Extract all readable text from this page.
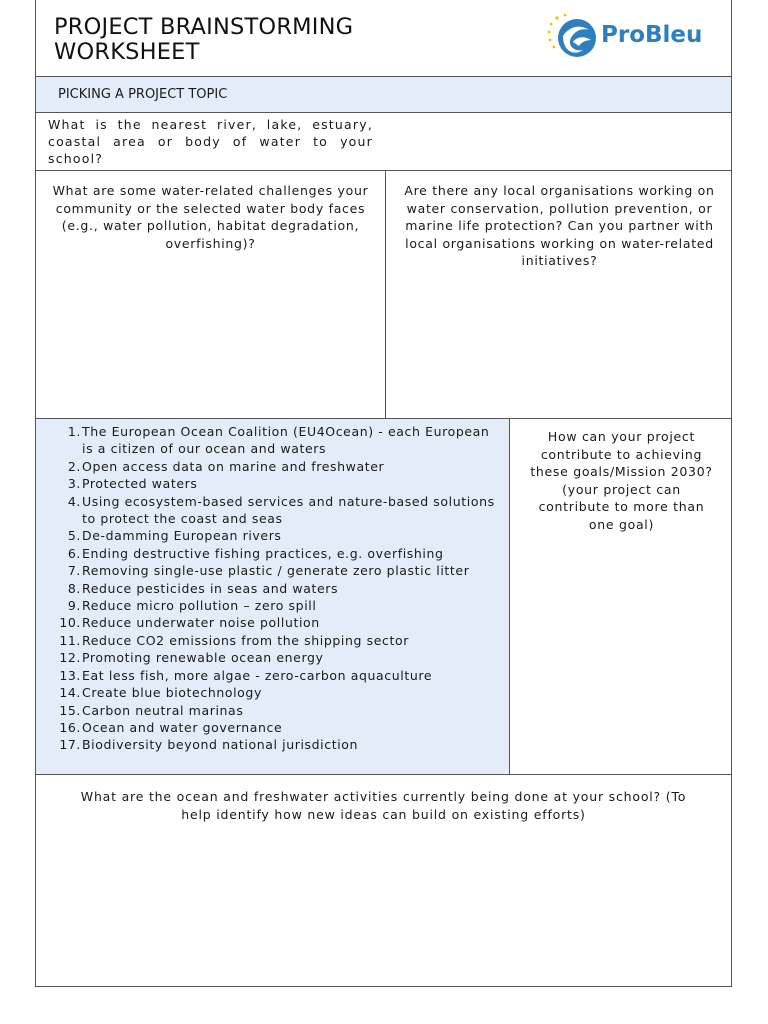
PROJECT BRAINSTORMING
WORKSHEET
ProBleu
PICKING A PROJECT TOPIC
What is the nearest river, lake, estuary, coastal area or body of water to your school?
What are some water-related challenges your community or the selected water body faces (e.g., water pollution, habitat degradation, overfishing)?
Are there any local organisations working on water conservation, pollution prevention, or marine life protection? Can you partner with local organisations working on water-related initiatives?
1. The European Ocean Coalition (EU4Ocean) - each European is a citizen of our ocean and waters
2. Open access data on marine and freshwater
3. Protected waters
4. Using ecosystem-based services and nature-based solutions to protect the coast and seas
5. De-damming European rivers
6. Ending destructive fishing practices, e.g. overfishing
7. Removing single-use plastic / generate zero plastic litter
8. Reduce pesticides in seas and waters
9. Reduce micro pollution – zero spill
10. Reduce underwater noise pollution
11. Reduce CO2 emissions from the shipping sector
12. Promoting renewable ocean energy
13. Eat less fish, more algae - zero-carbon aquaculture
14. Create blue biotechnology
15. Carbon neutral marinas
16. Ocean and water governance
17. Biodiversity beyond national jurisdiction
How can your project contribute to achieving these goals/Mission 2030? (your project can contribute to more than one goal)
What are the ocean and freshwater activities currently being done at your school? (To help identify how new ideas can build on existing efforts)
